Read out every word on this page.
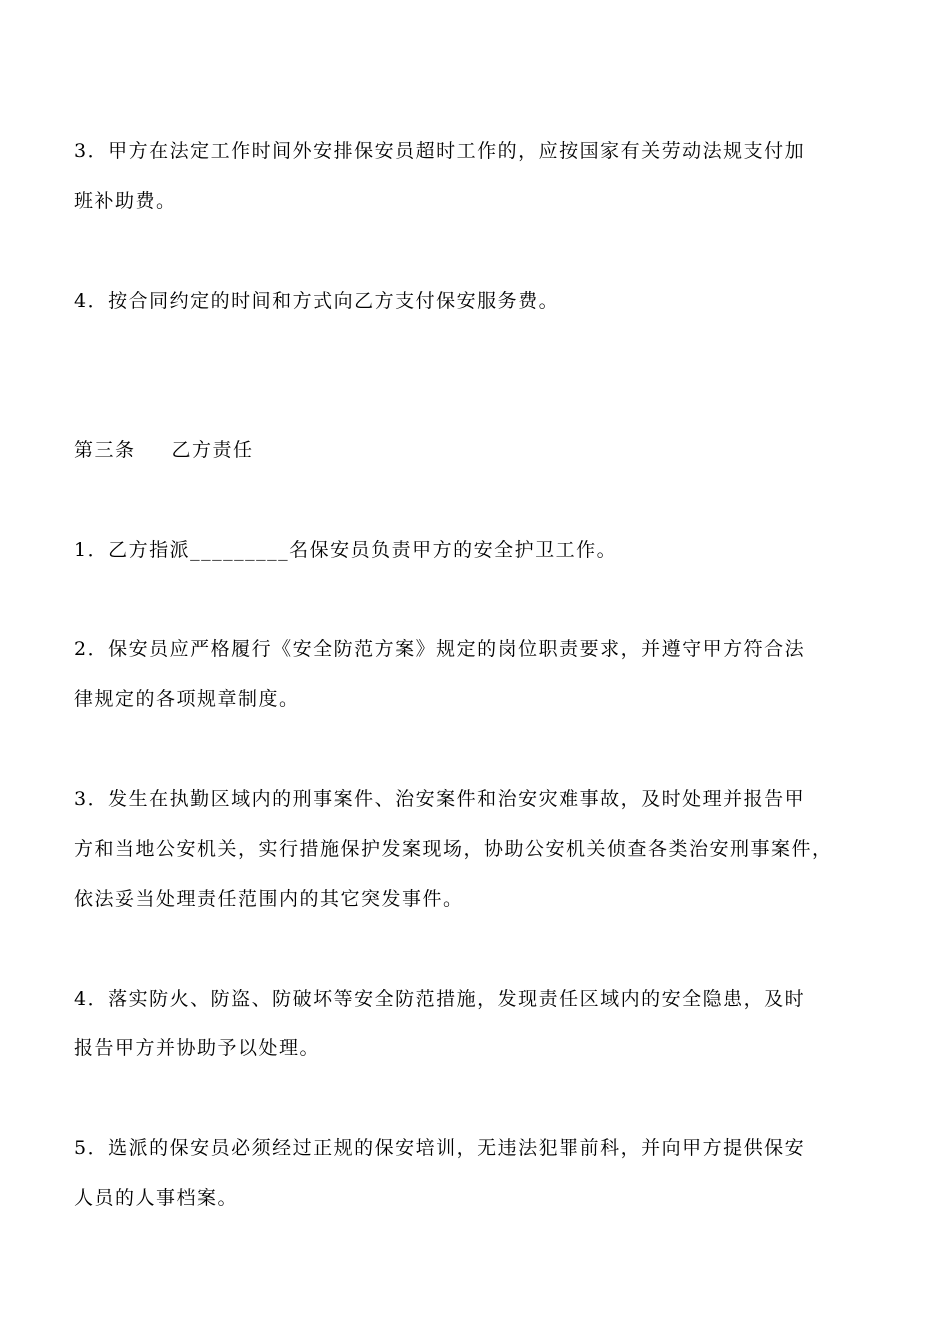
3．甲方在法定工作时间外安排保安员超时工作的，应按国家有关劳动法规支付加
班补助费。
4．按合同约定的时间和方式向乙方支付保安服务费。
第三条 乙方责任
1．乙方指派_________名保安员负责甲方的安全护卫工作。
2．保安员应严格履行《安全防范方案》规定的岗位职责要求，并遵守甲方符合法
律规定的各项规章制度。
3．发生在执勤区域内的刑事案件、治安案件和治安灾难事故，及时处理并报告甲
方和当地公安机关，实行措施保护发案现场，协助公安机关侦查各类治安刑事案件，
依法妥当处理责任范围内的其它突发事件。
4．落实防火、防盗、防破坏等安全防范措施，发现责任区域内的安全隐患，及时
报告甲方并协助予以处理。
5．选派的保安员必须经过正规的保安培训，无违法犯罪前科，并向甲方提供保安
人员的人事档案。
